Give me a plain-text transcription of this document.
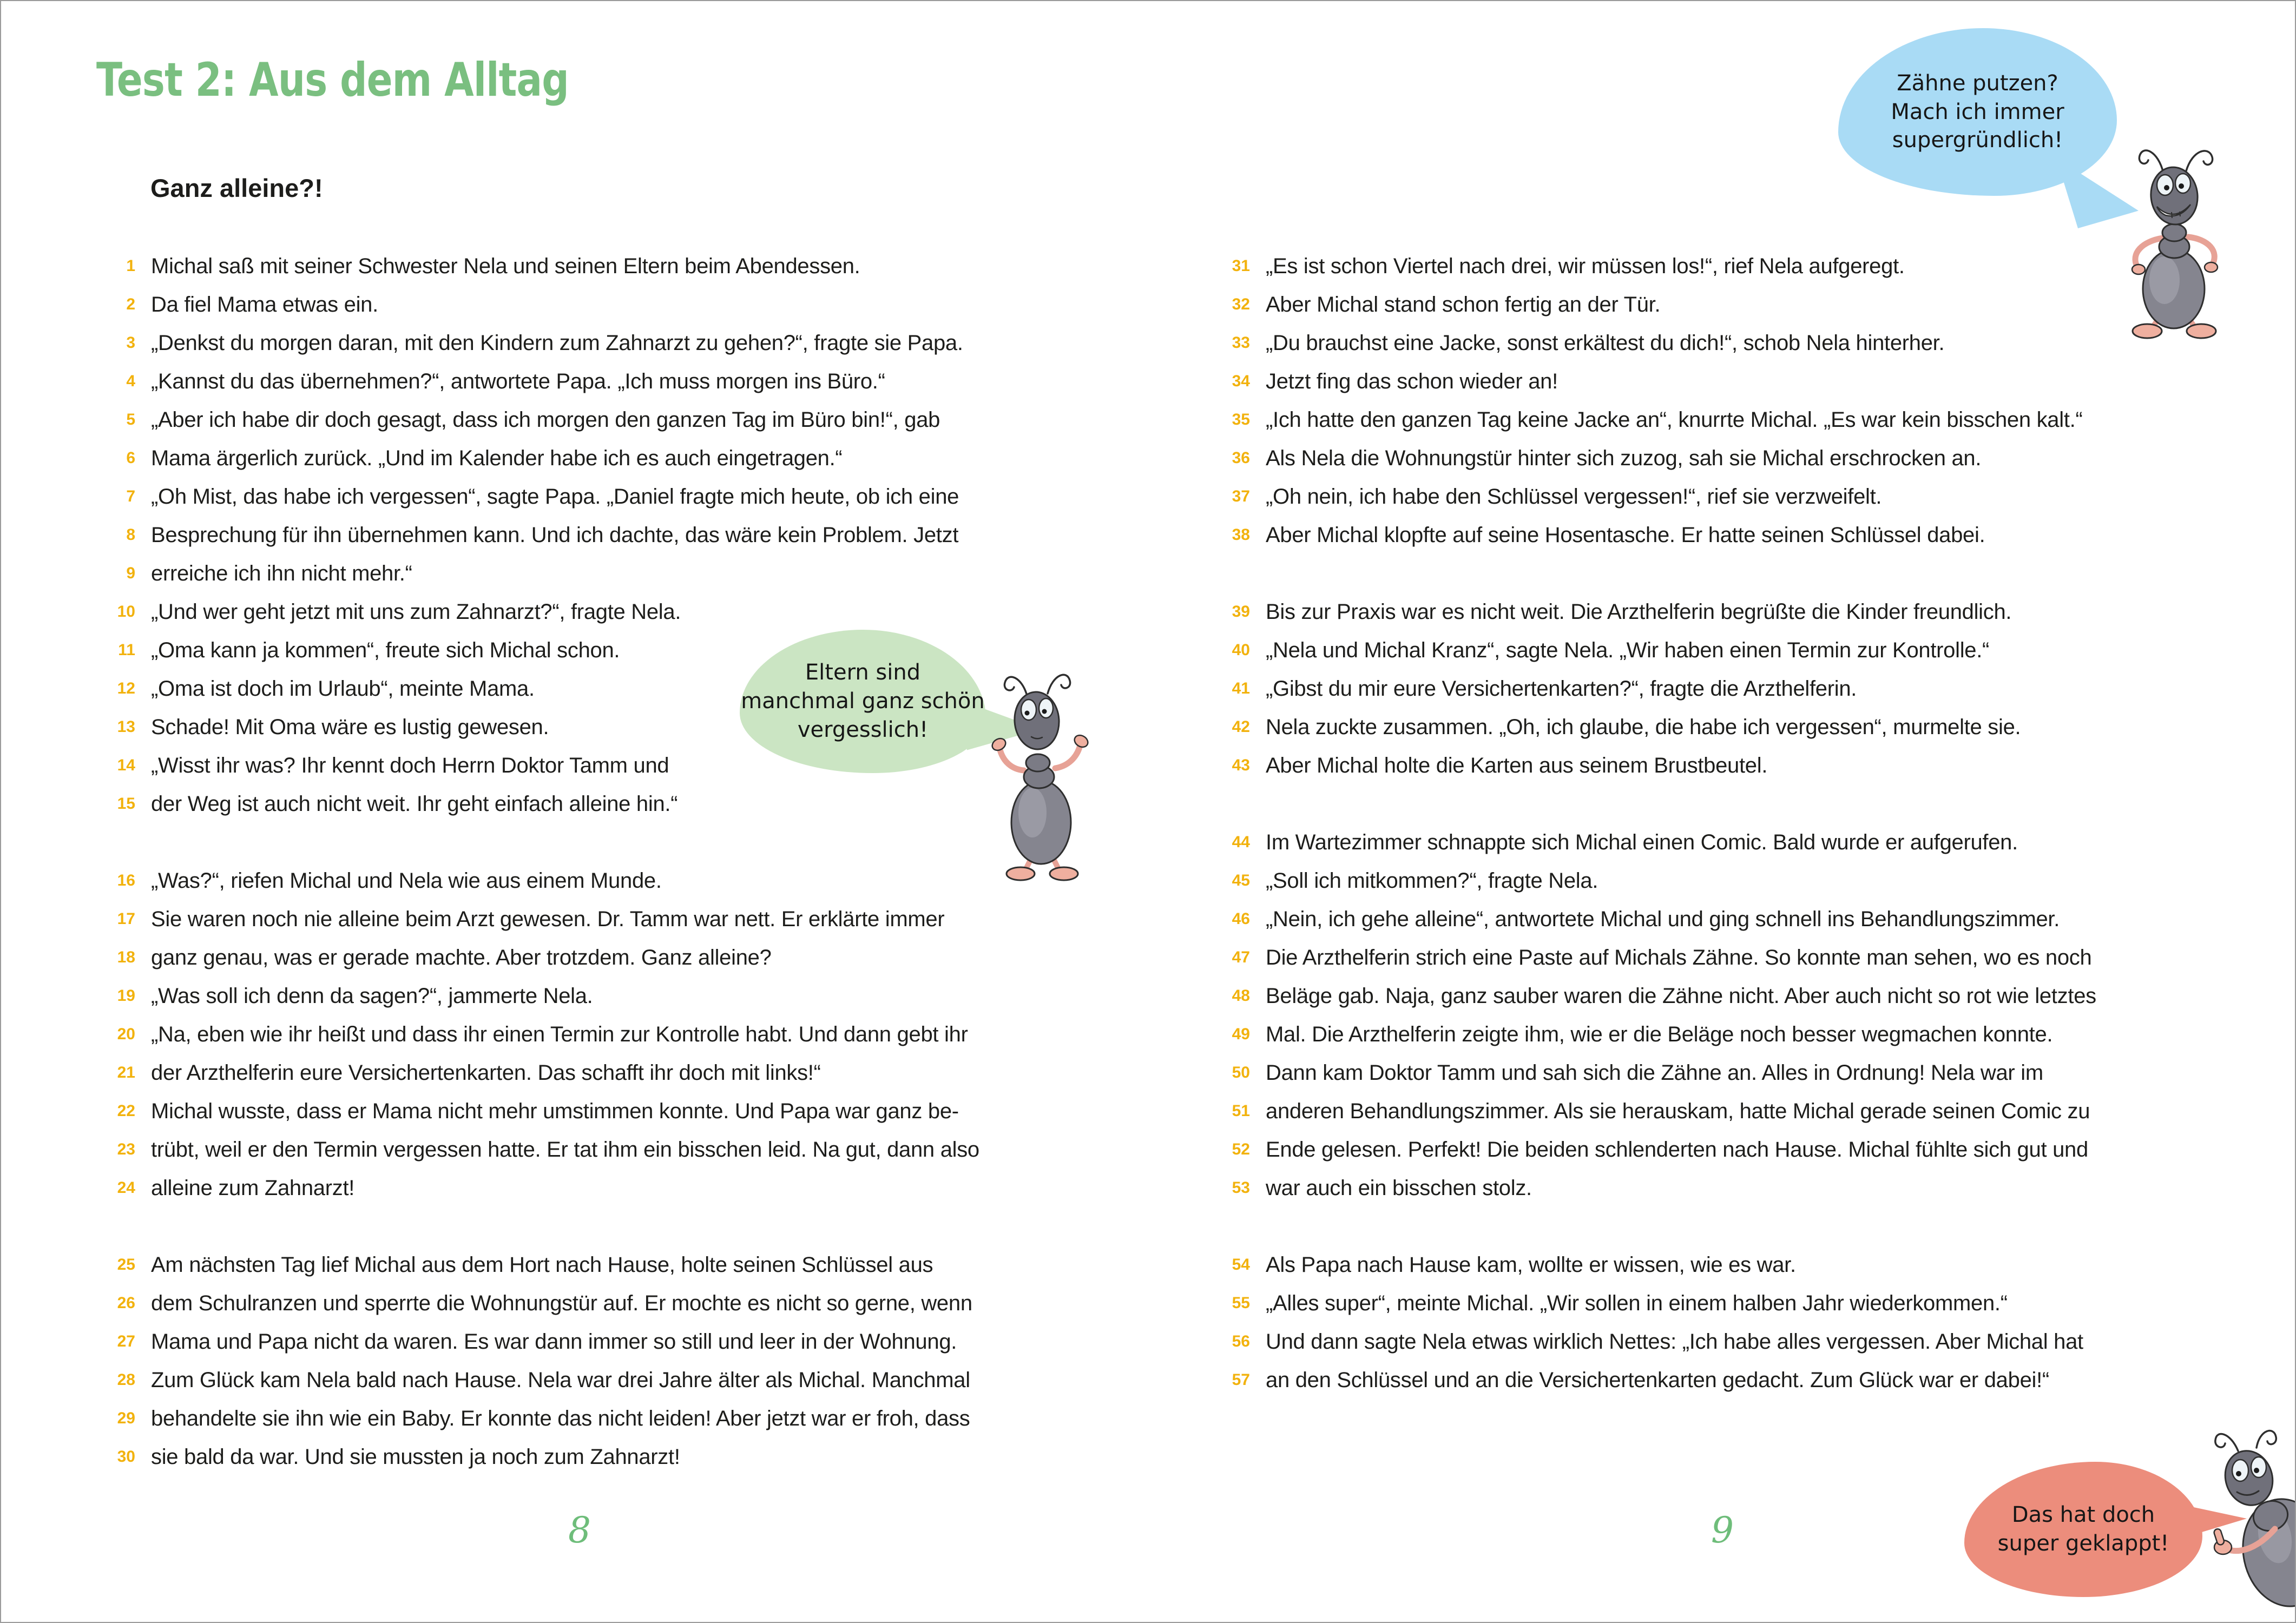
Test 2: Aus dem Alltag
Ganz alleine?!
1 Michal saß mit seiner Schwester Nela und seinen Eltern beim Abendessen.
2 Da fiel Mama etwas ein.
3 „Denkst du morgen daran, mit den Kindern zum Zahnarzt zu gehen?“, fragte sie Papa.
4 „Kannst du das übernehmen?“, antwortete Papa. „Ich muss morgen ins Büro.“
5 „Aber ich habe dir doch gesagt, dass ich morgen den ganzen Tag im Büro bin!“, gab
6 Mama ärgerlich zurück. „Und im Kalender habe ich es auch eingetragen.“
7 „Oh Mist, das habe ich vergessen“, sagte Papa. „Daniel fragte mich heute, ob ich eine
8 Besprechung für ihn übernehmen kann. Und ich dachte, das wäre kein Problem. Jetzt
9 erreiche ich ihn nicht mehr.“
10 „Und wer geht jetzt mit uns zum Zahnarzt?“, fragte Nela.
11 „Oma kann ja kommen“, freute sich Michal schon.
12 „Oma ist doch im Urlaub“, meinte Mama.
13 Schade! Mit Oma wäre es lustig gewesen.
14 „Wisst ihr was? Ihr kennt doch Herrn Doktor Tamm und
15 der Weg ist auch nicht weit. Ihr geht einfach alleine hin.“
16 „Was?“, riefen Michal und Nela wie aus einem Munde.
17 Sie waren noch nie alleine beim Arzt gewesen. Dr. Tamm war nett. Er erklärte immer
18 ganz genau, was er gerade machte. Aber trotzdem. Ganz alleine?
19 „Was soll ich denn da sagen?“, jammerte Nela.
20 „Na, eben wie ihr heißt und dass ihr einen Termin zur Kontrolle habt. Und dann gebt ihr
21 der Arzthelferin eure Versichertenkarten. Das schafft ihr doch mit links!“
22 Michal wusste, dass er Mama nicht mehr umstimmen konnte. Und Papa war ganz be-
23 trübt, weil er den Termin vergessen hatte. Er tat ihm ein bisschen leid. Na gut, dann also
24 alleine zum Zahnarzt!
25 Am nächsten Tag lief Michal aus dem Hort nach Hause, holte seinen Schlüssel aus
26 dem Schulranzen und sperrte die Wohnungstür auf. Er mochte es nicht so gerne, wenn
27 Mama und Papa nicht da waren. Es war dann immer so still und leer in der Wohnung.
28 Zum Glück kam Nela bald nach Hause. Nela war drei Jahre älter als Michal. Manchmal
29 behandelte sie ihn wie ein Baby. Er konnte das nicht leiden! Aber jetzt war er froh, dass
30 sie bald da war. Und sie mussten ja noch zum Zahnarzt!
31 „Es ist schon Viertel nach drei, wir müssen los!“, rief Nela aufgeregt.
32 Aber Michal stand schon fertig an der Tür.
33 „Du brauchst eine Jacke, sonst erkältest du dich!“, schob Nela hinterher.
34 Jetzt fing das schon wieder an!
35 „Ich hatte den ganzen Tag keine Jacke an“, knurrte Michal. „Es war kein bisschen kalt.“
36 Als Nela die Wohnungstür hinter sich zuzog, sah sie Michal erschrocken an.
37 „Oh nein, ich habe den Schlüssel vergessen!“, rief sie verzweifelt.
38 Aber Michal klopfte auf seine Hosentasche. Er hatte seinen Schlüssel dabei.
39 Bis zur Praxis war es nicht weit. Die Arzthelferin begrüßte die Kinder freundlich.
40 „Nela und Michal Kranz“, sagte Nela. „Wir haben einen Termin zur Kontrolle.“
41 „Gibst du mir eure Versichertenkarten?“, fragte die Arzthelferin.
42 Nela zuckte zusammen. „Oh, ich glaube, die habe ich vergessen“, murmelte sie.
43 Aber Michal holte die Karten aus seinem Brustbeutel.
44 Im Wartezimmer schnappte sich Michal einen Comic. Bald wurde er aufgerufen.
45 „Soll ich mitkommen?“, fragte Nela.
46 „Nein, ich gehe alleine“, antwortete Michal und ging schnell ins Behandlungszimmer.
47 Die Arzthelferin strich eine Paste auf Michals Zähne. So konnte man sehen, wo es noch
48 Beläge gab. Naja, ganz sauber waren die Zähne nicht. Aber auch nicht so rot wie letztes
49 Mal. Die Arzthelferin zeigte ihm, wie er die Beläge noch besser wegmachen konnte.
50 Dann kam Doktor Tamm und sah sich die Zähne an. Alles in Ordnung! Nela war im
51 anderen Behandlungszimmer. Als sie herauskam, hatte Michal gerade seinen Comic zu
52 Ende gelesen. Perfekt! Die beiden schlenderten nach Hause. Michal fühlte sich gut und
53 war auch ein bisschen stolz.
54 Als Papa nach Hause kam, wollte er wissen, wie es war.
55 „Alles super“, meinte Michal. „Wir sollen in einem halben Jahr wiederkommen.“
56 Und dann sagte Nela etwas wirklich Nettes: „Ich habe alles vergessen. Aber Michal hat
57 an den Schlüssel und an die Versichertenkarten gedacht. Zum Glück war er dabei!“
Zähne putzen?
Mach ich immer
supergründlich!
Eltern sind
manchmal ganz schön
vergesslich!
Das hat doch
super geklappt!

8	9
